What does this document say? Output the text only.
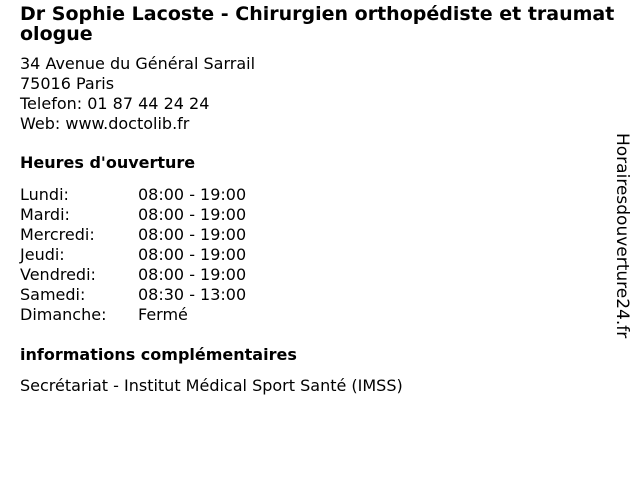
Dr Sophie Lacoste - Chirurgien orthopédiste et traumatologue
34 Avenue du Général Sarrail
75016 Paris
Telefon: 01 87 44 24 24
Web: www.doctolib.fr
Heures d'ouverture
Lundi:	08:00 - 19:00
Mardi:	08:00 - 19:00
Mercredi:	08:00 - 19:00
Jeudi:	08:00 - 19:00
Vendredi:	08:00 - 19:00
Samedi:	08:30 - 13:00
Dimanche:	Fermé
informations complémentaires
Secrétariat - Institut Médical Sport Santé (IMSS)
Horairesdouverture24.fr
